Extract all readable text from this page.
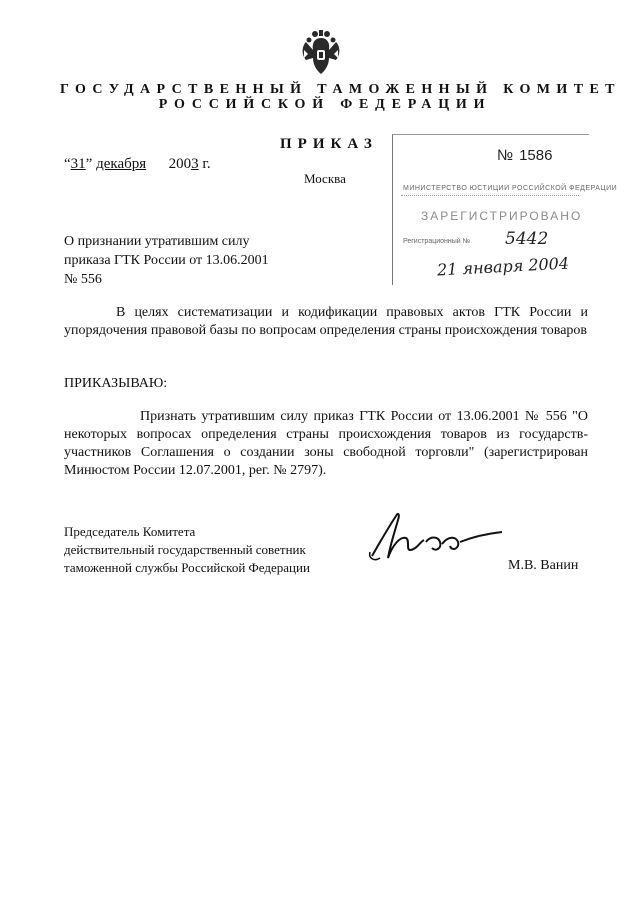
ГОСУДАРСТВЕННЫЙ ТАМОЖЕННЫЙ КОМИТЕТ
РОССИЙСКОЙ ФЕДЕРАЦИИ
ПРИКАЗ
“31” декабря 2003 г.
Москва
№ 1586
МИНИСТЕРСТВО ЮСТИЦИИ РОССИЙСКОЙ ФЕДЕРАЦИИ
ЗАРЕГИСТРИРОВАНО
Регистрационный № 5442
21 января 2004
О признании утратившим силу
приказа ГТК России от 13.06.2001
№ 556
В целях систематизации и кодификации правовых актов ГТК России и упорядочения правовой базы по вопросам определения страны происхождения товаров
ПРИКАЗЫВАЮ:
Признать утратившим силу приказ ГТК России от 13.06.2001 № 556 "О некоторых вопросах определения страны происхождения товаров из государств-участников Соглашения о создании зоны свободной торговли" (зарегистрирован Минюстом России 12.07.2001, рег. № 2797).
Председатель Комитета
действительный государственный советник
таможенной службы Российской Федерации	М.В. Ванин
